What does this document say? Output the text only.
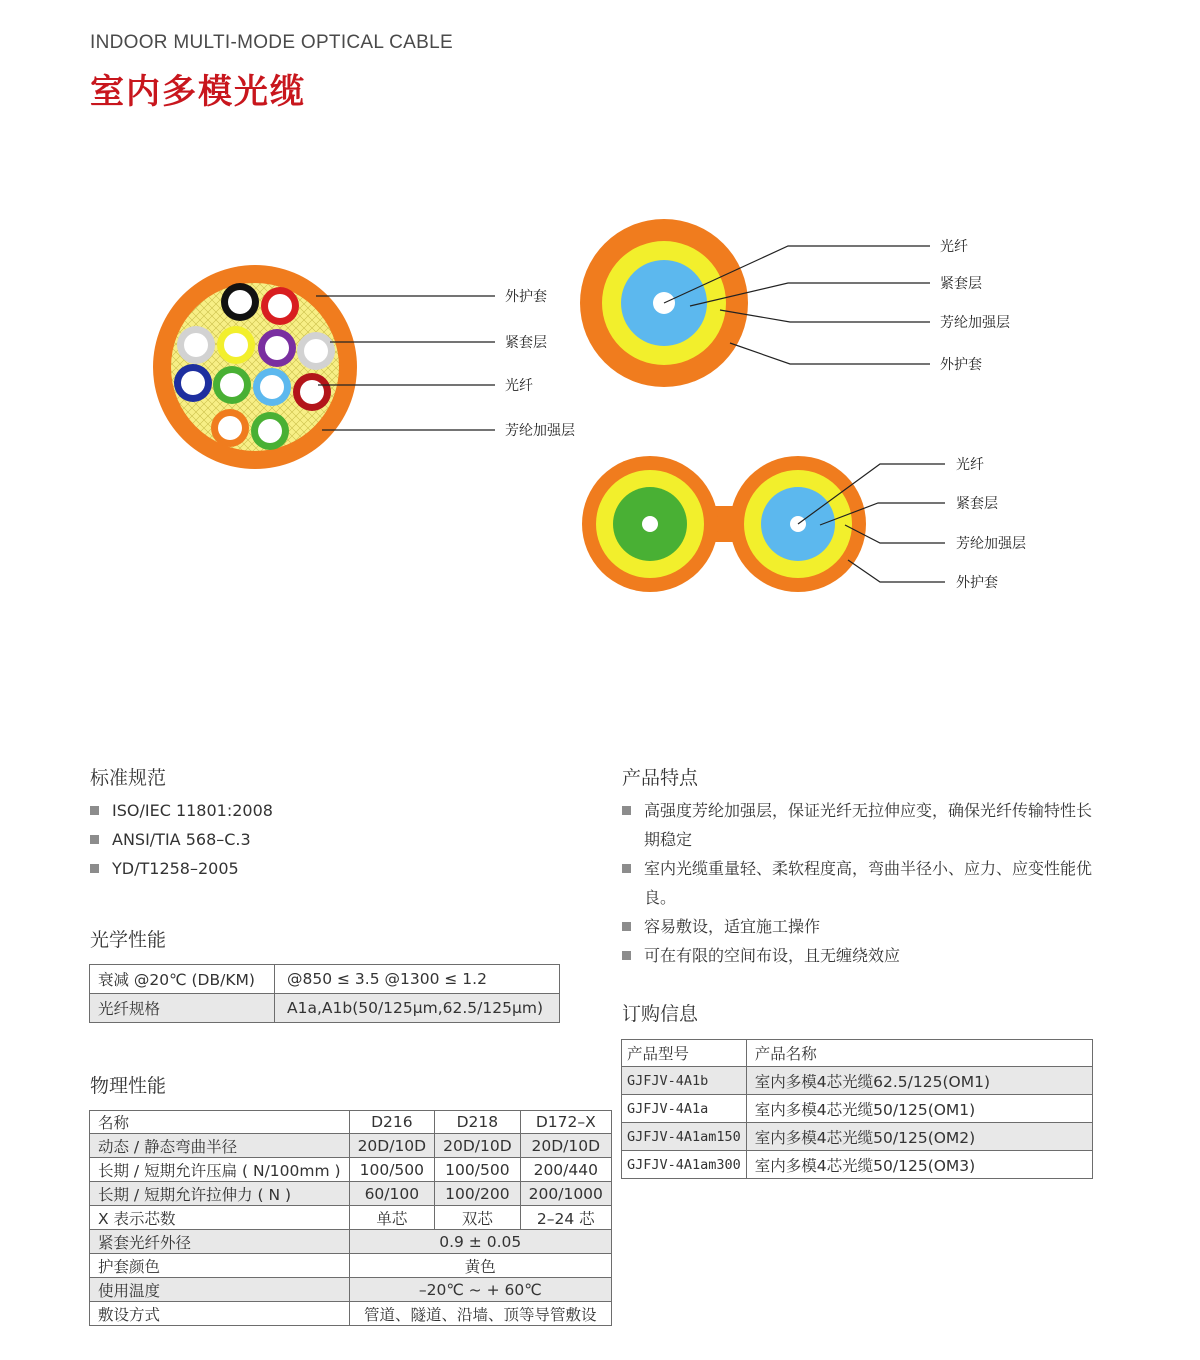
INDOOR MULTI-MODE OPTICAL CABLE
室内多模光缆
外护套
紧套层
光纤
芳纶加强层
光纤
紧套层
芳纶加强层
外护套
光纤
紧套层
芳纶加强层
外护套
标准规范
ISO/IEC 11801:2008
ANSI/TIA 568–C.3
YD/T1258–2005
光学性能
衰减 @20℃ (DB/KM)	@850 ≤ 3.5 @1300 ≤ 1.2
光纤规格	A1a,A1b(50/125μm,62.5/125μm)
物理性能
名称	D216	D218	D172–X
动态 / 静态弯曲半径	20D/10D	20D/10D	20D/10D
长期 / 短期允许压扁 ( N/100mm )	100/500	100/500	200/440
长期 / 短期允许拉伸力 ( N )	60/100	100/200	200/1000
X 表示芯数	单芯	双芯	2–24 芯
紧套光纤外径	0.9 ± 0.05		
护套颜色	黄色		
使用温度	–20℃ ~ + 60℃		
敷设方式	管道、隧道、沿墙、顶等导管敷设		
产品特点
高强度芳纶加强层，保证光纤无拉伸应变，确保光纤传输特性长期稳定
室内光缆重量轻、柔软程度高，弯曲半径小、应力、应变性能优良。
容易敷设，适宜施工操作
可在有限的空间布设，且无缠绕效应
订购信息
产品型号	产品名称
GJFJV-4A1b	室内多模4芯光缆62.5/125(OM1)
GJFJV-4A1a	室内多模4芯光缆50/125(OM1)
GJFJV-4A1am150	室内多模4芯光缆50/125(OM2)
GJFJV-4A1am300	室内多模4芯光缆50/125(OM3)
